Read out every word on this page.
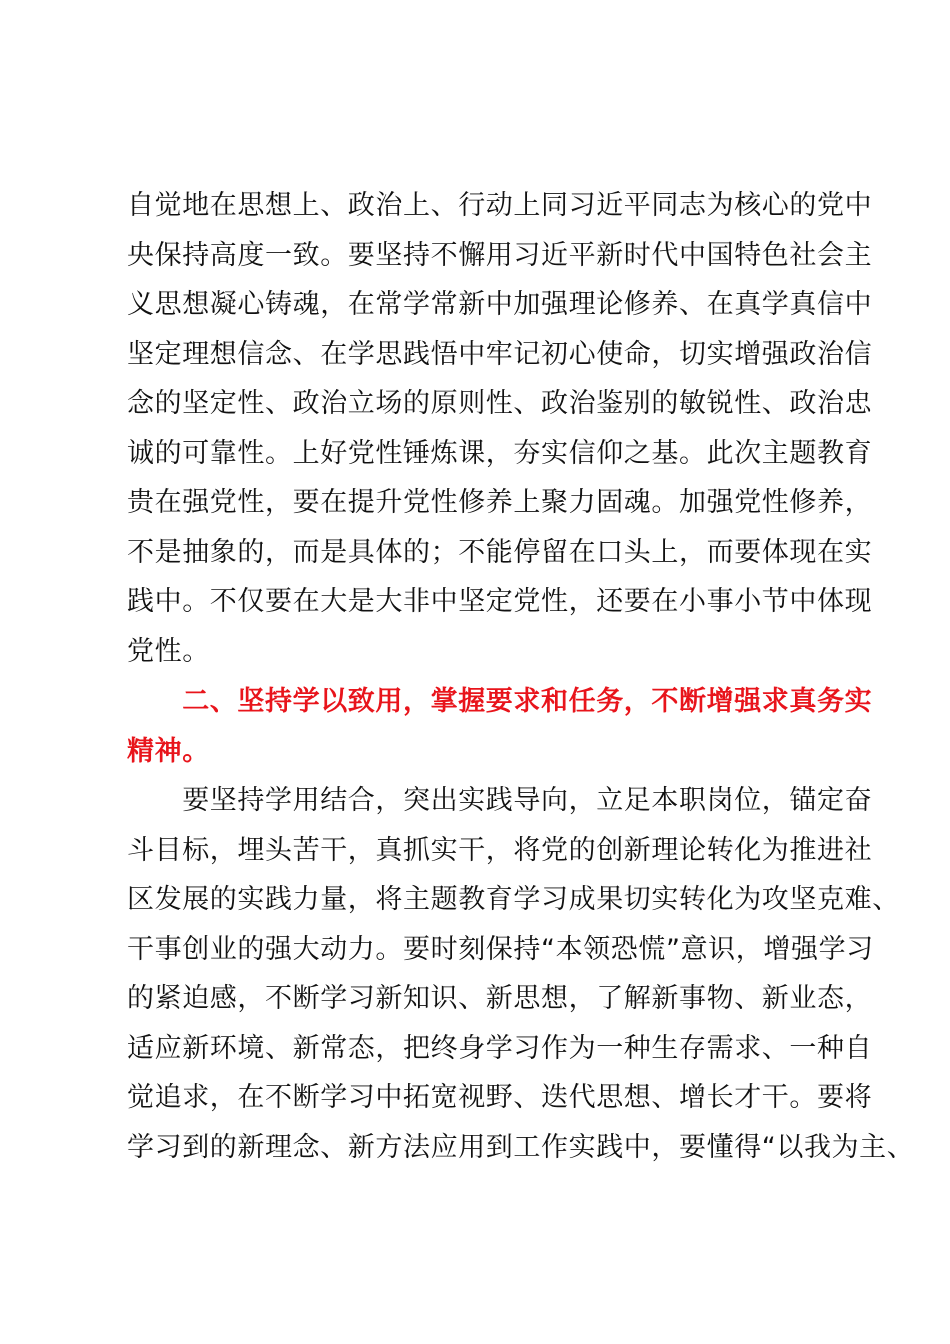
自觉地在思想上、政治上、行动上同习近平同志为核心的党中
央保持高度一致。要坚持不懈用习近平新时代中国特色社会主
义思想凝心铸魂，在常学常新中加强理论修养、在真学真信中
坚定理想信念、在学思践悟中牢记初心使命，切实增强政治信
念的坚定性、政治立场的原则性、政治鉴别的敏锐性、政治忠
诚的可靠性。上好党性锤炼课，夯实信仰之基。此次主题教育
贵在强党性，要在提升党性修养上聚力固魂。加强党性修养，
不是抽象的，而是具体的；不能停留在口头上，而要体现在实
践中。不仅要在大是大非中坚定党性，还要在小事小节中体现
党性。
　　二、坚持学以致用，掌握要求和任务，不断增强求真务实
精神。
　　要坚持学用结合，突出实践导向，立足本职岗位，锚定奋
斗目标，埋头苦干，真抓实干，将党的创新理论转化为推进社
区发展的实践力量，将主题教育学习成果切实转化为攻坚克难、
干事创业的强大动力。要时刻保持“本领恐慌”意识，增强学习
的紧迫感，不断学习新知识、新思想，了解新事物、新业态，
适应新环境、新常态，把终身学习作为一种生存需求、一种自
觉追求，在不断学习中拓宽视野、迭代思想、增长才干。要将
学习到的新理念、新方法应用到工作实践中，要懂得“以我为主、
